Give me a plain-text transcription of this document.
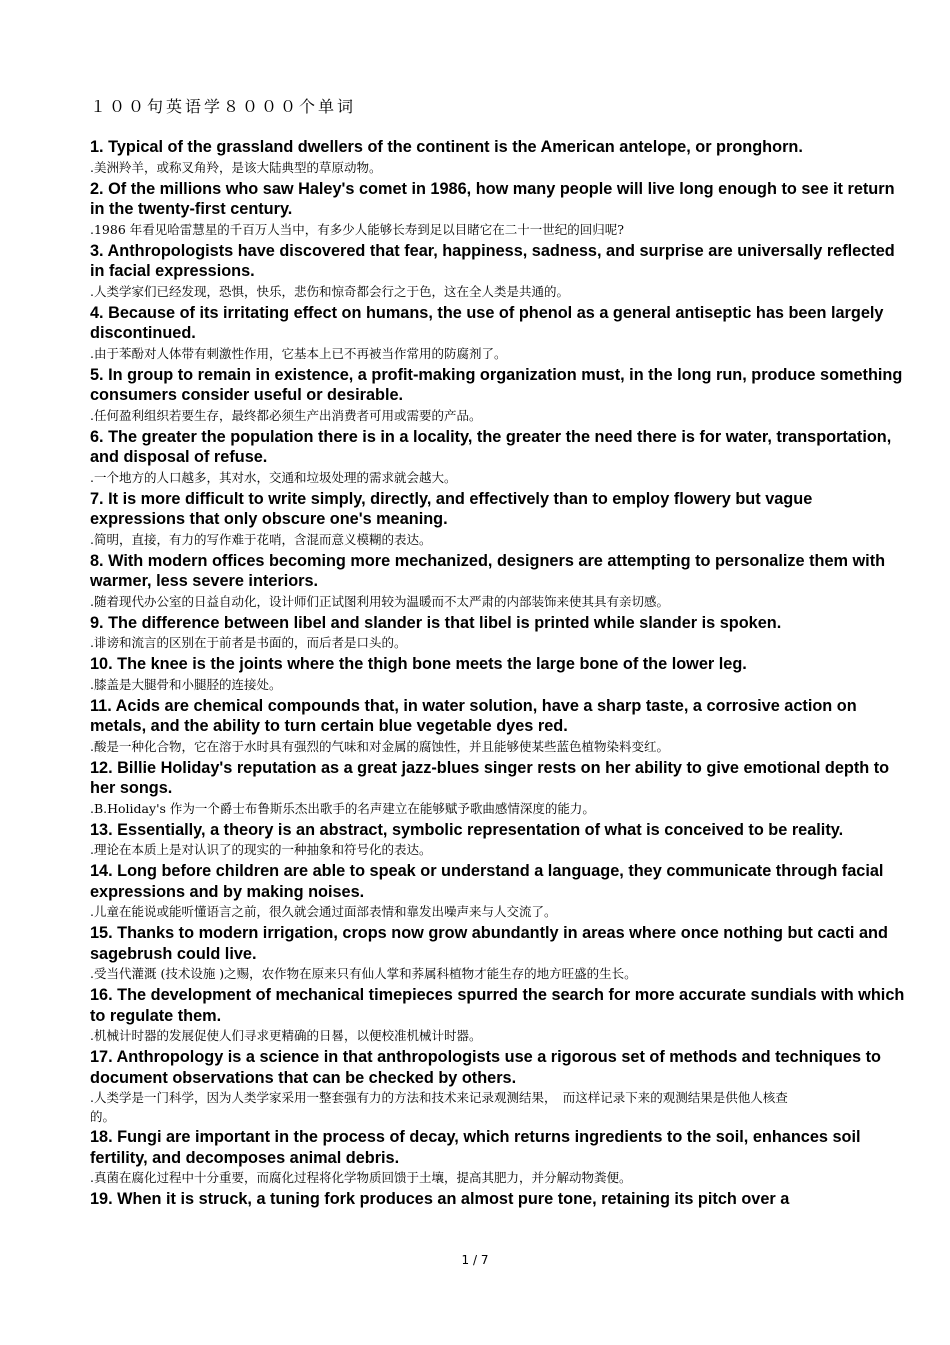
１００句英语学８０００个单词

1. Typical of the grassland dwellers of the continent is the American antelope, or pronghorn.

.美洲羚羊，或称叉角羚，是该大陆典型的草原动物。

2. Of the millions who saw Haley's comet in 1986, how many people will live long enough to see it return in the twenty-first century.

.1986 年看见哈雷慧星的千百万人当中，有多少人能够长寿到足以目睹它在二十一世纪的回归呢?

3. Anthropologists have discovered that fear, happiness, sadness, and surprise are universally reflected in facial expressions.

.人类学家们已经发现，恐惧，快乐，悲伤和惊奇都会行之于色，这在全人类是共通的。

4. Because of its irritating effect on humans, the use of phenol as a general antiseptic has been largely discontinued.

.由于苯酚对人体带有刺激性作用，它基本上已不再被当作常用的防腐剂了。

5. In group to remain in existence, a profit-making organization must, in the long run, produce something consumers consider useful or desirable.

.任何盈利组织若要生存，最终都必须生产出消费者可用或需要的产品。

6. The greater the population there is in a locality, the greater the need there is for water, transportation, and disposal of refuse.

.一个地方的人口越多，其对水，交通和垃圾处理的需求就会越大。

7. It is more difficult to write simply, directly, and effectively than to employ flowery but vague expressions that only obscure one's meaning.

.简明，直接，有力的写作难于花哨，含混而意义模糊的表达。

8. With modern offices becoming more mechanized, designers are attempting to personalize them with warmer, less severe interiors.

.随着现代办公室的日益自动化，设计师们正试图利用较为温暖而不太严肃的内部装饰来使其具有亲切感。

9. The difference between libel and slander is that libel is printed while slander is spoken.

.诽谤和流言的区别在于前者是书面的，而后者是口头的。

10. The knee is the joints where the thigh bone meets the large bone of the lower leg.

.膝盖是大腿骨和小腿胫的连接处。

11. Acids are chemical compounds that, in water solution, have a sharp taste, a corrosive action on metals, and the ability to turn certain blue vegetable dyes red.

.酸是一种化合物，它在溶于水时具有强烈的气味和对金属的腐蚀性，并且能够使某些蓝色植物染料变红。

12. Billie Holiday's reputation as a great jazz-blues singer rests on her ability to give emotional depth to her songs.

.B.Holiday's 作为一个爵士布鲁斯乐杰出歌手的名声建立在能够赋予歌曲感情深度的能力。

13. Essentially, a theory is an abstract, symbolic representation of what is conceived to be reality.

.理论在本质上是对认识了的现实的一种抽象和符号化的表达。

14. Long before children are able to speak or understand a language, they communicate through facial expressions and by making noises.

.儿童在能说或能听懂语言之前，很久就会通过面部表情和靠发出噪声来与人交流了。

15. Thanks to modern irrigation, crops now grow abundantly in areas where once nothing but cacti and sagebrush could live.

.受当代灌溉 (技术设施 )之赐，农作物在原来只有仙人掌和荞属科植物才能生存的地方旺盛的生长。

16. The development of mechanical timepieces spurred the search for more accurate sundials with which to regulate them.

.机械计时器的发展促使人们寻求更精确的日晷，以便校准机械计时器。

17. Anthropology is a science in that anthropologists use a rigorous set of methods and techniques to document observations that can be checked by others.

.人类学是一门科学，因为人类学家采用一整套强有力的方法和技术来记录观测结果，　而这样记录下来的观测结果是供他人核查的。

18. Fungi are important in the process of decay, which returns ingredients to the soil, enhances soil fertility, and decomposes animal debris.

.真菌在腐化过程中十分重要，而腐化过程将化学物质回馈于土壤，提高其肥力，并分解动物粪便。

19. When it is struck, a tuning fork produces an almost pure tone, retaining its pitch over a

1 / 7
